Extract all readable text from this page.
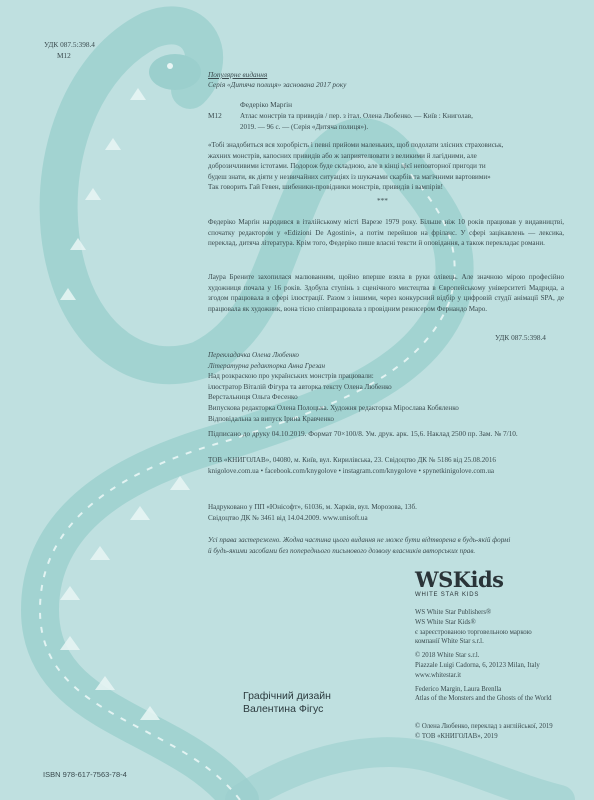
УДК 087.5:398.4
М12
Популярне видання
Серія «Дитяча полиця» заснована 2017 року
Федеріко Марґін
М12	Атлас монстрів та привидів / пер. з італ. Олена Любенко. — Київ : Книголав, 2019. — 96 с. — (Серія «Дитяча полиця»).

«Тобі знадобиться вся хоробрість і певні прийоми маленьких, щоб подолати злісних страховиськ,

жахних монстрів, капосних привидів або ж заприятелювати з великими й лагідними, але

доброзичливими істотами. Подорож буде складною, але в кінці цієї неповторної пригоди ти

будеш знати, як діяти у незвичайних ситуаціях із шукачами скарбів та магічними вартовими»

Так говорить Гай Гевен, шибеники-провідники монстрів, привидів і вампірів!

***
Федеріко Марґін народився в італійському місті Варезе 1979 року. Більше ніж 10 років працював у видавництві, спочатку редактором у «Edizioni De Agostini», а потім перейшов на фріланс. У сфері зацікавлень — лексика, переклад, дитяча література. Крім того, Федеріко пише власні тексти й оповідання, а також перекладає романи.
Лаура Брените захопилася малюванням, щойно вперше взяла в руки олівець. Але значною мірою професійно художниця почала у 16 років. Здобула ступінь з сценічного мистецтва в Європейському університеті Мадрида, а згодом працювала в сфері ілюстрації. Разом з іншими, через конкурсний відбір у цифровій студії анімації SPA, де працювала як художник, вона тісно співпрацювала з провідним режисером Фернандо Маро.
УДК 087.5:398.4

Перекладачка Олена Любенко

Літературна редакторка Анна Грезан

Над розкраскою про українських монстрів працювали:

ілюстратор Віталій Фігура та авторка тексту Олена Любенко

Верстальниця Ольга Фесенко

Випускова редакторка Олена Полоцька. Художня редакторка Мірослава Кобяленко

Відповідальна за випуск Ірина Кравченко

Підписано до друку 04.10.2019. Формат 70×100/8. Ум. друк. арк. 15,6. Наклад 2500 пр. Зам. № 7/10.

ТОВ «КНИГОЛАВ», 04080, м. Київ, вул. Кирилівська, 23. Свідоцтво ДК № 5186 від 25.08.2016

knigolove.com.ua • facebook.com/knygolove • instagram.com/knygolove • spynetkinigolove.com.ua

Надруковано у ПП «Юнісофт», 61036, м. Харків, вул. Морозова, 13б.

Свідоцтво ДК № 3461 від 14.04.2009. www.unisoft.ua

Усі права застережено. Жодна частина цього видання не може бути відтворена в будь-якій формі

й будь-якими засобами без попереднього письмового дозволу власників авторських прав.

WSKids
WHITE STAR KIDS

WS White Star Publishers®

WS White Star Kids®

є зареєстрованою торговельною маркою

компанії White Star s.r.l.

© 2018 White Star s.r.l.

Piazzale Luigi Cadorna, 6, 20123 Milan, Italy

www.whitestar.it

Federico Margin, Laura Brenlla

Atlas of the Monsters and the Ghosts of the World

© Олена Любенко, переклад з англійської, 2019

© ТОВ «КНИГОЛАВ», 2019

Графічний дизайн
Валентина Фігус
ISBN 978-617-7563-78-4
